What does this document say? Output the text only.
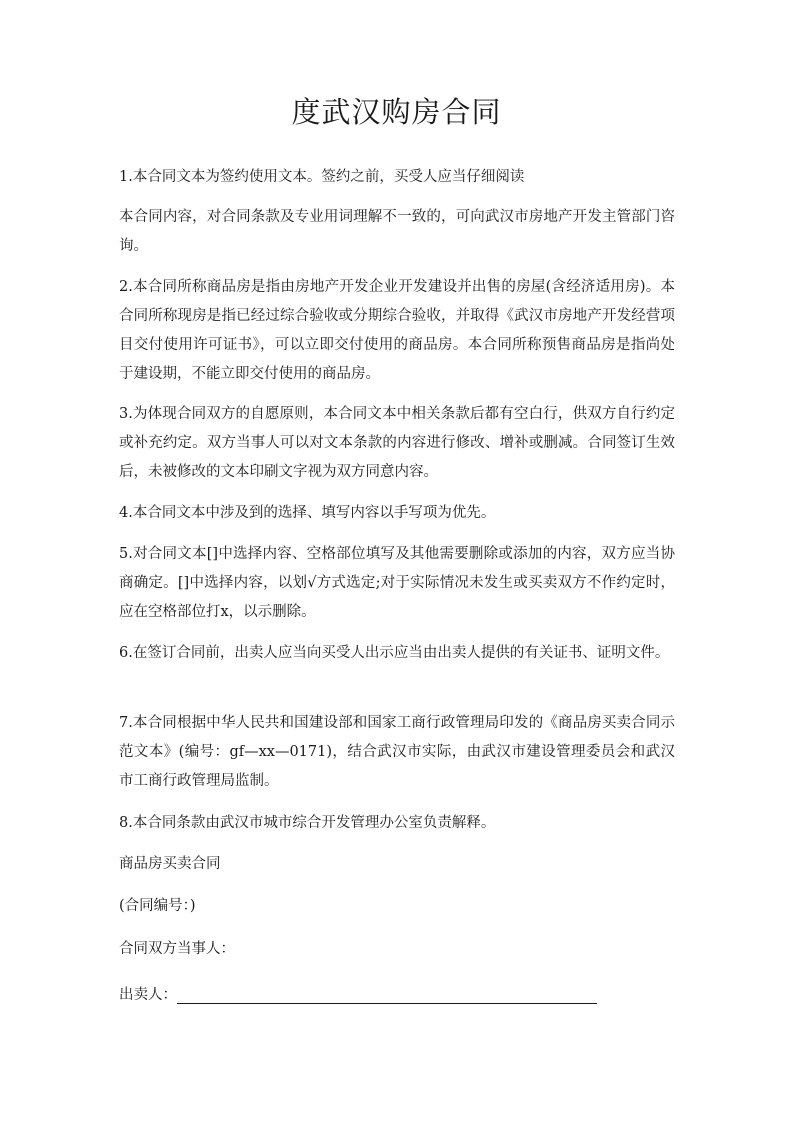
度武汉购房合同

1.本合同文本为签约使用文本。签约之前，买受人应当仔细阅读

本合同内容，对合同条款及专业用词理解不一致的，可向武汉市房地产开发主管部门咨询。

2.本合同所称商品房是指由房地产开发企业开发建设并出售的房屋(含经济适用房)。本合同所称现房是指已经过综合验收或分期综合验收，并取得《武汉市房地产开发经营项目交付使用许可证书》，可以立即交付使用的商品房。本合同所称预售商品房是指尚处于建设期，不能立即交付使用的商品房。

3.为体现合同双方的自愿原则，本合同文本中相关条款后都有空白行，供双方自行约定或补充约定。双方当事人可以对文本条款的内容进行修改、增补或删减。合同签订生效后，未被修改的文本印刷文字视为双方同意内容。

4.本合同文本中涉及到的选择、填写内容以手写项为优先。

5.对合同文本[]中选择内容、空格部位填写及其他需要删除或添加的内容，双方应当协商确定。[]中选择内容，以划√方式选定;对于实际情况未发生或买卖双方不作约定时，应在空格部位打x，以示删除。

6.在签订合同前，出卖人应当向买受人出示应当由出卖人提供的有关证书、证明文件。

7.本合同根据中华人民共和国建设部和国家工商行政管理局印发的《商品房买卖合同示范文本》(编号：gf—xx—0171)，结合武汉市实际，由武汉市建设管理委员会和武汉市工商行政管理局监制。

8.本合同条款由武汉市城市综合开发管理办公室负责解释。

商品房买卖合同

(合同编号：)

合同双方当事人：

出卖人：
